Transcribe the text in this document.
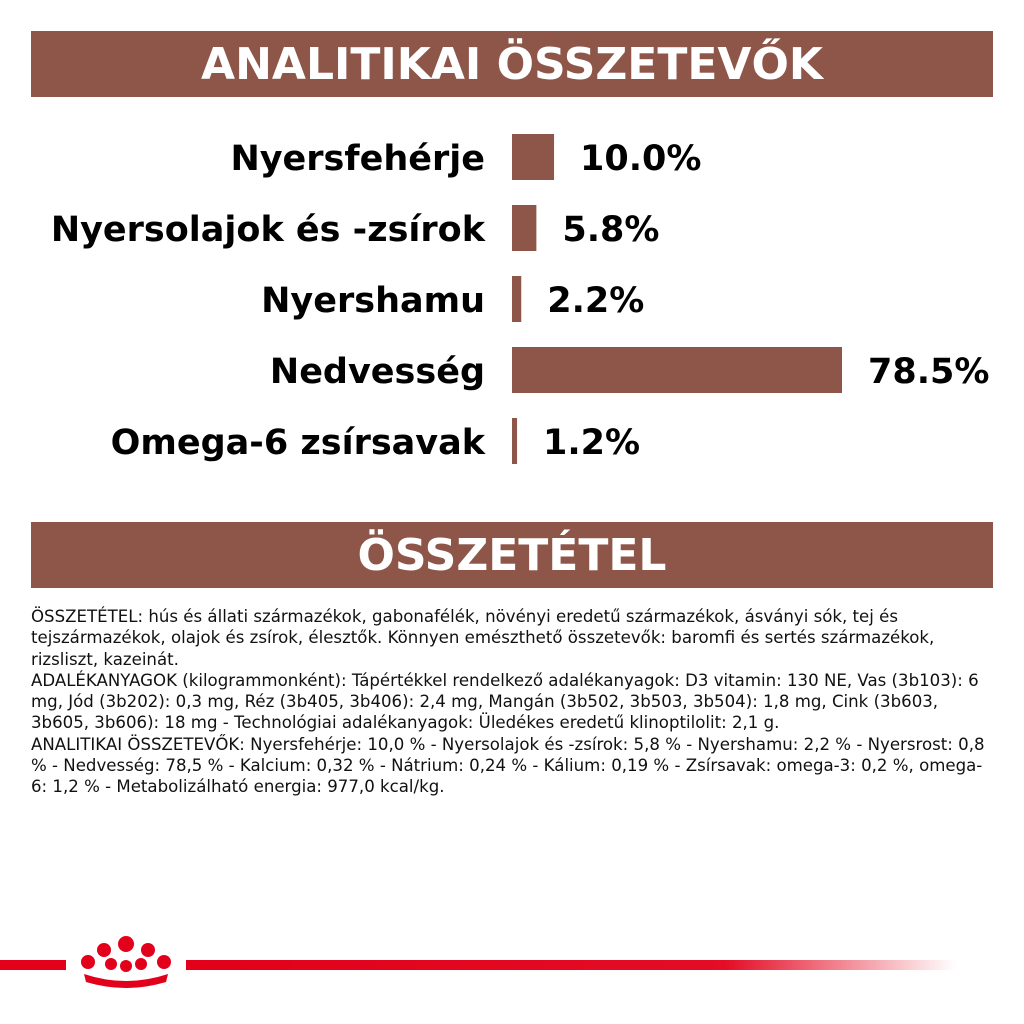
ANALITIKAI ÖSSZETEVŐK
Nyersfehérje	10.0%
Nyersolajok és -zsírok 5.8%
Nyershamu 2.2%
Nedvesség	78.5%
Omega-6 zsírsavak 1.2%
ÖSSZETÉTEL

ÖSSZETÉTEL: hús és állati származékok, gabonafélék, növényi eredetű származékok, ásványi sók, tej és tejszármazékok, olajok és zsírok, élesztők. Könnyen emészthető összetevők: baromfi és sertés származékok, rizsliszt, kazeinát.

ADALÉKANYAGOK (kilogrammonként): Tápértékkel rendelkező adalékanyagok: D3 vitamin: 130 NE, Vas (3b103): 6 mg, Jód (3b202): 0,3 mg, Réz (3b405, 3b406): 2,4 mg, Mangán (3b502, 3b503, 3b504): 1,8 mg, Cink (3b603, 3b605, 3b606): 18 mg - Technológiai adalékanyagok: Üledékes eredetű klinoptilolit: 2,1 g.

ANALITIKAI ÖSSZETEVŐK: Nyersfehérje: 10,0 % - Nyersolajok és -zsírok: 5,8 % - Nyershamu: 2,2 % - Nyersrost: 0,8 % - Nedvesség: 78,5 % - Kalcium: 0,32 % - Nátrium: 0,24 % - Kálium: 0,19 % - Zsírsavak: omega-3: 0,2 %, omega-6: 1,2 % - Metabolizálható energia: 977,0 kcal/kg.
